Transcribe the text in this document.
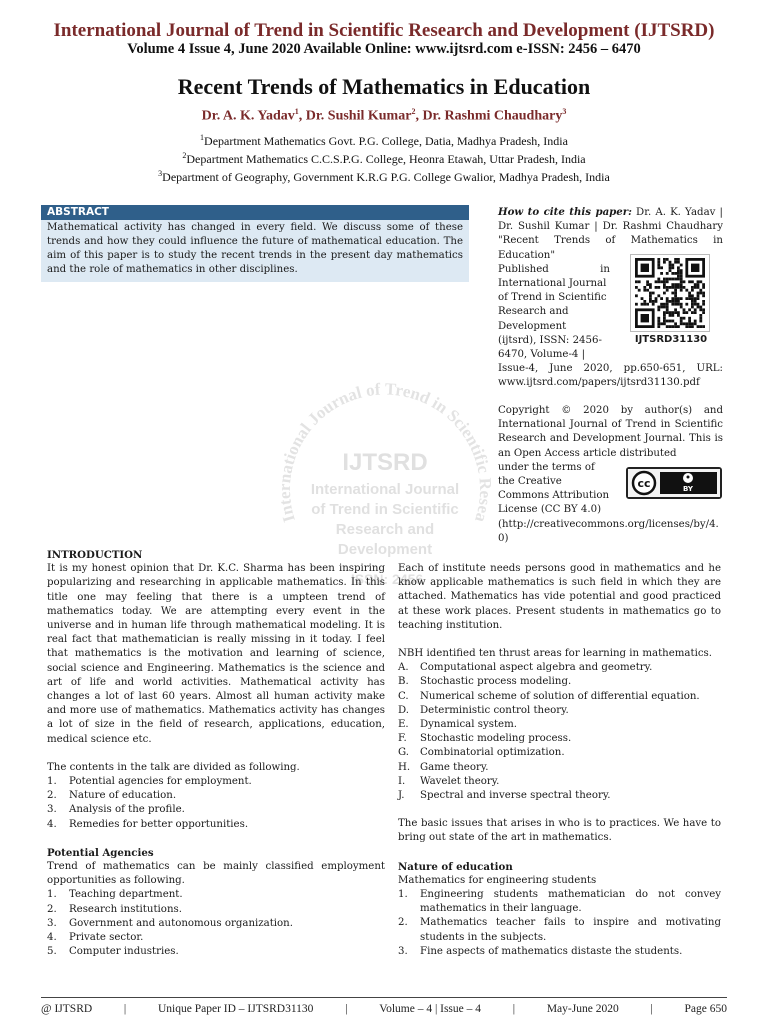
International Journal of Trend in Scientific Research and Development (IJTSRD)
Volume 4 Issue 4, June 2020 Available Online: www.ijtsrd.com e-ISSN: 2456 – 6470
Recent Trends of Mathematics in Education
Dr. A. K. Yadav$^1$, Dr. Sushil Kumar$^2$, Dr. Rashmi Chaudhary$^3$
$^1$Department Mathematics Govt. P.G. College, Datia, Madhya Pradesh, India
$^2$Department Mathematics C.C.S.P.G. College, Heonra Etawah, Uttar Pradesh, India
$^3$Department of Geography, Government K.R.G P.G. College Gwalior, Madhya Pradesh, India
ABSTRACT
Mathematical activity has changed in every field. We discuss some of these trends and how they could influence the future of mathematical education. The aim of this paper is to study the recent trends in the present day mathematics and the role of mathematics in other disciplines.
How to cite this paper: Dr. A. K. Yadav | Dr. Sushil Kumar | Dr. Rashmi Chaudhary "Recent Trends of Mathematics in Education"
Published	in
International Journal
of Trend in Scientific
Research and
Development
(ijtsrd), ISSN: 2456-
6470, Volume-4 |
Issue-4, June 2020, pp.650-651, URL: www.ijtsrd.com/papers/ijtsrd31130.pdf
IJTSRD31130
Copyright © 2020 by author(s) and International Journal of Trend in Scientific Research and Development Journal. This is an Open Access article distributed
under the terms of
the Creative
Commons Attribution
License (CC BY 4.0)
(http://creativecommons.org/licenses/by/4.0)
cc	BY
International Journal of Trend in Scientific Resea
IJTSRD
International Journal
of Trend in Scientific
Research and
Development
ISSN: 2456
INTRODUCTION

It is my honest opinion that Dr. K.C. Sharma has been inspiring popularizing and researching in applicable mathematics. In this title one may feeling that there is a umpteen trend of mathematics today. We are attempting every event in the universe and in human life through mathematical modeling. It is real fact that mathematician is really missing in it today. I feel that mathematics is the motivation and learning of science, social science and Engineering. Mathematics is the science and art of life and world activities. Mathematical activity has changes a lot of last 60 years. Almost all human activity make and more use of mathematics. Mathematics activity has changes a lot of size in the field of research, applications, education, medical science etc.

The contents in the talk are divided as following.

1.	Potential agencies for employment.
2.	Nature of education.
3.	Analysis of the profile.
4.	Remedies for better opportunities.
Potential Agencies

Trend of mathematics can be mainly classified employment opportunities as following.

1.	Teaching department.
2.	Research institutions.
3.	Government and autonomous organization.
4.	Private sector.
5.	Computer industries.

Each of institute needs persons good in mathematics and he know applicable mathematics is such field in which they are attached. Mathematics has vide potential and good practiced at these work places. Present students in mathematics go to teaching institution.

NBH identified ten thrust areas for learning in mathematics.

A.	Computational aspect algebra and geometry.
B.	Stochastic process modeling.
C.	Numerical scheme of solution of differential equation.
D.	Deterministic control theory.
E.	Dynamical system.
F.	Stochastic modeling process.
G.	Combinatorial optimization.
H. Game theory.
I.	Wavelet theory.
J.	Spectral and inverse spectral theory.

The basic issues that arises in who is to practices. We have to bring out state of the art in mathematics.

Nature of education

Mathematics for engineering students

1.	Engineering students mathematician do not convey mathematics in their language.
2.	Mathematics teacher fails to inspire and motivating students in the subjects.
3.	Fine aspects of mathematics distaste the students.
@ IJTSRD	|	Unique Paper ID – IJTSRD31130	|	Volume – 4 | Issue – 4	|	May-June 2020	|	Page 650
